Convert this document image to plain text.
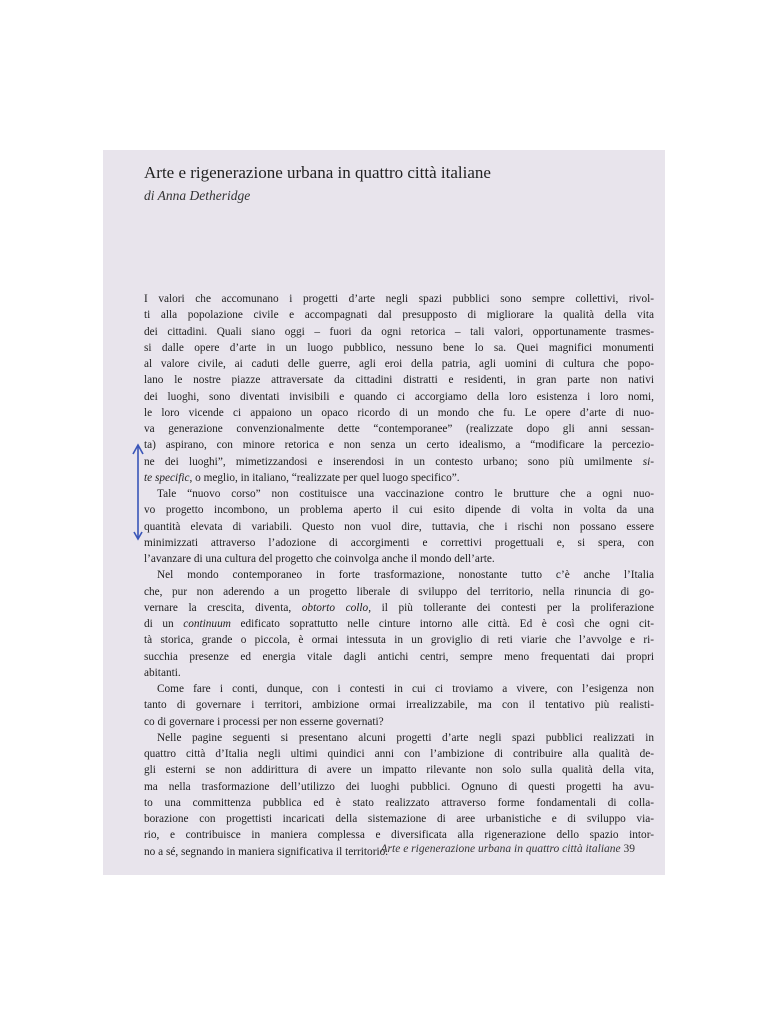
Arte e rigenerazione urbana in quattro città italiane
di Anna Detheridge
I valori che accomunano i progetti d’arte negli spazi pubblici sono sempre collettivi, rivol-
ti alla popolazione civile e accompagnati dal presupposto di migliorare la qualità della vita
dei cittadini. Quali siano oggi – fuori da ogni retorica – tali valori, opportunamente trasmes-
si dalle opere d’arte in un luogo pubblico, nessuno bene lo sa. Quei magnifici monumenti
al valore civile, ai caduti delle guerre, agli eroi della patria, agli uomini di cultura che popo-
lano le nostre piazze attraversate da cittadini distratti e residenti, in gran parte non nativi
dei luoghi, sono diventati invisibili e quando ci accorgiamo della loro esistenza i loro nomi,
le loro vicende ci appaiono un opaco ricordo di un mondo che fu. Le opere d’arte di nuo-
va generazione convenzionalmente dette “contemporanee” (realizzate dopo gli anni sessan-
ta) aspirano, con minore retorica e non senza un certo idealismo, a “modificare la percezio-
ne dei luoghi”, mimetizzandosi e inserendosi in un contesto urbano; sono più umilmente si-
te specific, o meglio, in italiano, “realizzate per quel luogo specifico”.
Tale “nuovo corso” non costituisce una vaccinazione contro le brutture che a ogni nuo-
vo progetto incombono, un problema aperto il cui esito dipende di volta in volta da una
quantità elevata di variabili. Questo non vuol dire, tuttavia, che i rischi non possano essere
minimizzati attraverso l’adozione di accorgimenti e correttivi progettuali e, si spera, con
l’avanzare di una cultura del progetto che coinvolga anche il mondo dell’arte.
Nel mondo contemporaneo in forte trasformazione, nonostante tutto c’è anche l’Italia
che, pur non aderendo a un progetto liberale di sviluppo del territorio, nella rinuncia di go-
vernare la crescita, diventa, obtorto collo, il più tollerante dei contesti per la proliferazione
di un continuum edificato soprattutto nelle cinture intorno alle città. Ed è così che ogni cit-
tà storica, grande o piccola, è ormai intessuta in un groviglio di reti viarie che l’avvolge e ri-
succhia presenze ed energia vitale dagli antichi centri, sempre meno frequentati dai propri
abitanti.
Come fare i conti, dunque, con i contesti in cui ci troviamo a vivere, con l’esigenza non
tanto di governare i territori, ambizione ormai irrealizzabile, ma con il tentativo più realisti-
co di governare i processi per non esserne governati?
Nelle pagine seguenti si presentano alcuni progetti d’arte negli spazi pubblici realizzati in
quattro città d’Italia negli ultimi quindici anni con l’ambizione di contribuire alla qualità de-
gli esterni se non addirittura di avere un impatto rilevante non solo sulla qualità della vita,
ma nella trasformazione dell’utilizzo dei luoghi pubblici. Ognuno di questi progetti ha avu-
to una committenza pubblica ed è stato realizzato attraverso forme fondamentali di colla-
borazione con progettisti incaricati della sistemazione di aree urbanistiche e di sviluppo via-
rio, e contribuisce in maniera complessa e diversificata alla rigenerazione dello spazio intor-
no a sé, segnando in maniera significativa il territorio.
Arte e rigenerazione urbana in quattro città italiane 39
